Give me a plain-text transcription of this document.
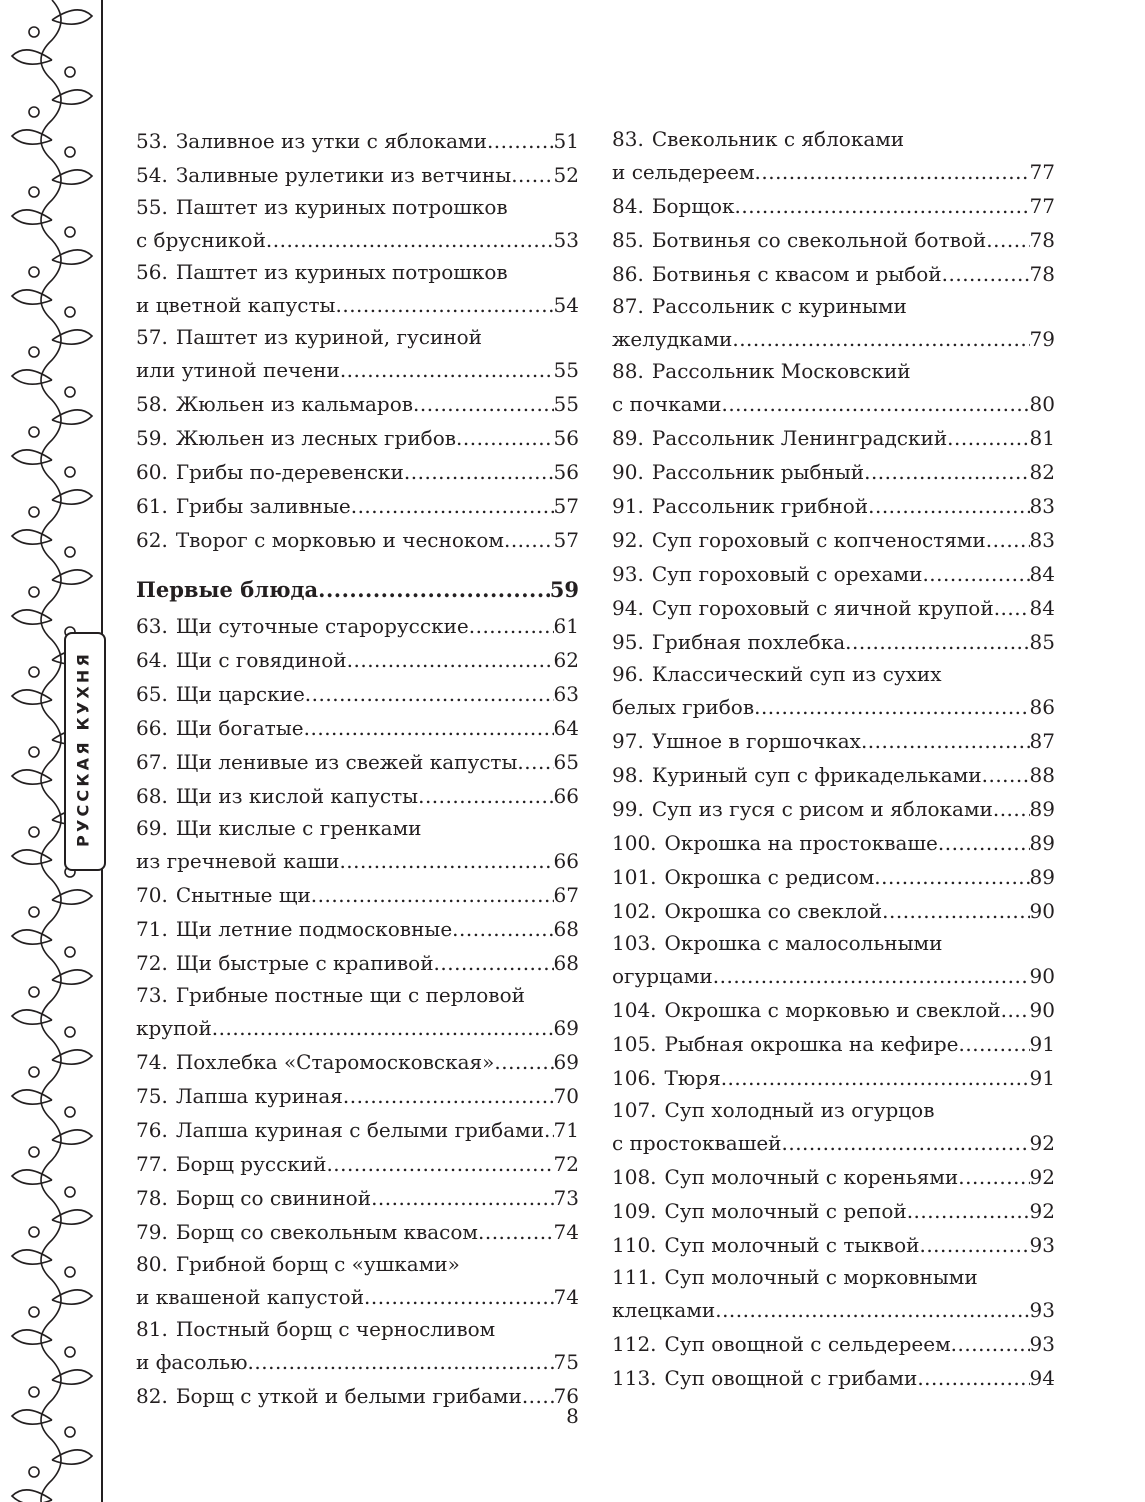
РУССКАЯ КУХНЯ
53. Заливное из утки с яблоками .....	51
54. Заливные рулетики из ветчины ..... 52
55. Паштет из куриных потрошков
с брусникой .....	53
56. Паштет из куриных потрошков
и цветной капусты .....	54
57. Паштет из куриной, гусиной
или утиной печени .....	55
58. Жюльен из кальмаров .....	55
59. Жюльен из лесных грибов .....	56
60. Грибы по-деревенски .....	56
61. Грибы заливные .....	57
62. Творог с морковью и чесноком ..... 57
Первые блюда .....	59
63. Щи суточные старорусские .....	61
64. Щи с говядиной .....	62
65. Щи царские .....	63
66. Щи богатые .....	64
67. Щи ленивые из свежей капусты ..... 65
68. Щи из кислой капусты .....	66
69. Щи кислые с гренками
из гречневой каши .....	66
70. Снытные щи .....	67
71. Щи летние подмосковные .....	68
72. Щи быстрые с крапивой .....	68
73. Грибные постные щи с перловой
крупой .....	69
74. Похлебка «Старомосковская» .....	69
75. Лапша куриная .....	70
76. Лапша куриная с белыми грибами ..... 71
77. Борщ русский .....	72
78. Борщ со свининой .....	73
79. Борщ со свекольным квасом .....	74
80. Грибной борщ с «ушками»
и квашеной капустой .....	74
81. Постный борщ с черносливом
и фасолью .....	75
82. Борщ с уткой и белыми грибами ..... 76
83. Свекольник с яблоками
и сельдереем .....	77
84. Борщок .....	77
85. Ботвинья со свекольной ботвой ..... 78
86. Ботвинья с квасом и рыбой .....	78
87. Рассольник с куриными
желудками .....	79
88. Рассольник Московский
с почками .....	80
89. Рассольник Ленинградский .....	81
90. Рассольник рыбный .....	82
91. Рассольник грибной .....	83
92. Суп гороховый с копченостями ..... 83
93. Суп гороховый с орехами .....	84
94. Суп гороховый с яичной крупой ..... 84
95. Грибная похлебка .....	85
96. Классический суп из сухих
белых грибов .....	86
97. Ушное в горшочках .....	87
98. Куриный суп с фрикадельками ..... 88
99. Суп из гуся с рисом и яблоками ..... 89
100. Окрошка на простокваше .....	89
101. Окрошка с редисом .....	89
102. Окрошка со свеклой .....	90
103. Окрошка с малосольными
огурцами .....	90
104. Окрошка с морковью и свеклой ..... 90
105. Рыбная окрошка на кефире .....	91
106. Тюря .....	91
107. Суп холодный из огурцов
с простоквашей .....	92
108. Суп молочный с кореньями .....	92
109. Суп молочный с репой .....	92
110. Суп молочный с тыквой .....	93
111. Суп молочный с морковными
клецками .....	93
112. Суп овощной с сельдереем .....	93
113. Суп овощной с грибами .....	94
8
